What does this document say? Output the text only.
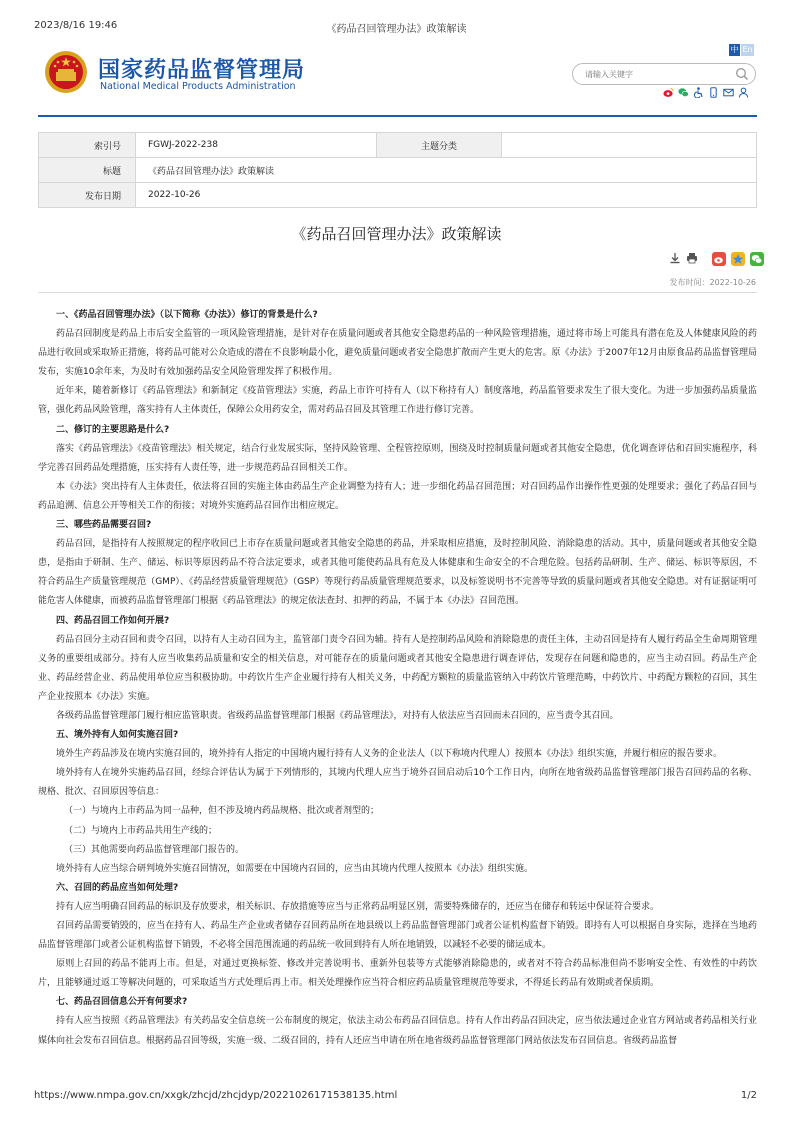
2023/8/16 19:46	《药品召回管理办法》政策解读
国家药品监督管理局
National Medical Products Administration
中 En
请输入关键字
索引号	FGWJ-2022-238	主题分类	
标题	《药品召回管理办法》政策解读		
发布日期	2022-10-26		
《药品召回管理办法》政策解读
发布时间：2022-10-26

一、《药品召回管理办法》（以下简称《办法》）修订的背景是什么?

药品召回制度是药品上市后安全监管的一项风险管理措施，是针对存在质量问题或者其他安全隐患药品的一种风险管理措施，通过将市场上可能具有潜在危及人体健康风险的药品进行收回或采取矫正措施，将药品可能对公众造成的潜在不良影响最小化，避免质量问题或者安全隐患扩散而产生更大的危害。原《办法》于2007年12月由原食品药品监督管理局发布，实施10余年来，为及时有效加强药品安全风险管理发挥了积极作用。

近年来，随着新修订《药品管理法》和新制定《疫苗管理法》实施，药品上市许可持有人（以下称持有人）制度落地，药品监管要求发生了很大变化。为进一步加强药品质量监管，强化药品风险管理，落实持有人主体责任，保障公众用药安全，需对药品召回及其管理工作进行修订完善。

二、修订的主要思路是什么?

落实《药品管理法》《疫苗管理法》相关规定，结合行业发展实际，坚持风险管理、全程管控原则，围绕及时控制质量问题或者其他安全隐患，优化调查评估和召回实施程序，科学完善召回药品处理措施，压实持有人责任等，进一步规范药品召回相关工作。

本《办法》突出持有人主体责任，依法将召回的实施主体由药品生产企业调整为持有人；进一步细化药品召回范围；对召回药品作出操作性更强的处理要求；强化了药品召回与药品追溯、信息公开等相关工作的衔接；对境外实施药品召回作出相应规定。

三、哪些药品需要召回?

药品召回，是指持有人按照规定的程序收回已上市存在质量问题或者其他安全隐患的药品，并采取相应措施，及时控制风险、消除隐患的活动。其中，质量问题或者其他安全隐患，是指由于研制、生产、储运、标识等原因药品不符合法定要求，或者其他可能使药品具有危及人体健康和生命安全的不合理危险。包括药品研制、生产、储运、标识等原因，不符合药品生产质量管理规范（GMP）、《药品经营质量管理规范》（GSP）等现行药品质量管理规范要求，以及标签说明书不完善等导致的质量问题或者其他安全隐患。对有证据证明可能危害人体健康，而被药品监督管理部门根据《药品管理法》的规定依法查封、扣押的药品，不属于本《办法》召回范围。

四、药品召回工作如何开展?

药品召回分主动召回和责令召回，以持有人主动召回为主，监管部门责令召回为辅。持有人是控制药品风险和消除隐患的责任主体，主动召回是持有人履行药品全生命周期管理义务的重要组成部分。持有人应当收集药品质量和安全的相关信息，对可能存在的质量问题或者其他安全隐患进行调查评估，发现存在问题和隐患的，应当主动召回。药品生产企业、药品经营企业、药品使用单位应当积极协助。中药饮片生产企业履行持有人相关义务，中药配方颗粒的质量监管纳入中药饮片管理范畴，中药饮片、中药配方颗粒的召回，其生产企业按照本《办法》实施。

各级药品监督管理部门履行相应监管职责。省级药品监督管理部门根据《药品管理法》，对持有人依法应当召回而未召回的，应当责令其召回。

五、境外持有人如何实施召回?

境外生产药品涉及在境内实施召回的，境外持有人指定的中国境内履行持有人义务的企业法人（以下称境内代理人）按照本《办法》组织实施，并履行相应的报告要求。

境外持有人在境外实施药品召回，经综合评估认为属于下列情形的，其境内代理人应当于境外召回启动后10个工作日内，向所在地省级药品监督管理部门报告召回药品的名称、规格、批次、召回原因等信息：

（一）与境内上市药品为同一品种，但不涉及境内药品规格、批次或者剂型的；

（二）与境内上市药品共用生产线的；

（三）其他需要向药品监督管理部门报告的。

境外持有人应当综合研判境外实施召回情况，如需要在中国境内召回的，应当由其境内代理人按照本《办法》组织实施。

六、召回的药品应当如何处理?

持有人应当明确召回药品的标识及存放要求，相关标识、存放措施等应当与正常药品明显区别，需要特殊储存的，还应当在储存和转运中保证符合要求。

召回药品需要销毁的，应当在持有人、药品生产企业或者储存召回药品所在地县级以上药品监督管理部门或者公证机构监督下销毁。即持有人可以根据自身实际，选择在当地药品监督管理部门或者公证机构监督下销毁，不必将全国范围流通的药品统一收回到持有人所在地销毁，以减轻不必要的储运成本。

原则上召回的药品不能再上市。但是，对通过更换标签、修改并完善说明书、重新外包装等方式能够消除隐患的，或者对不符合药品标准但尚不影响安全性、有效性的中药饮片，且能够通过返工等解决问题的，可采取适当方式处理后再上市。相关处理操作应当符合相应药品质量管理规范等要求，不得延长药品有效期或者保质期。

七、药品召回信息公开有何要求?

持有人应当按照《药品管理法》有关药品安全信息统一公布制度的规定，依法主动公布药品召回信息。持有人作出药品召回决定，应当依法通过企业官方网站或者药品相关行业媒体向社会发布召回信息。根据药品召回等级，实施一级、二级召回的，持有人还应当申请在所在地省级药品监督管理部门网站依法发布召回信息。省级药品监督

https://www.nmpa.gov.cn/xxgk/zhcjd/zhcjdyp/20221026171538135.html	1/2
